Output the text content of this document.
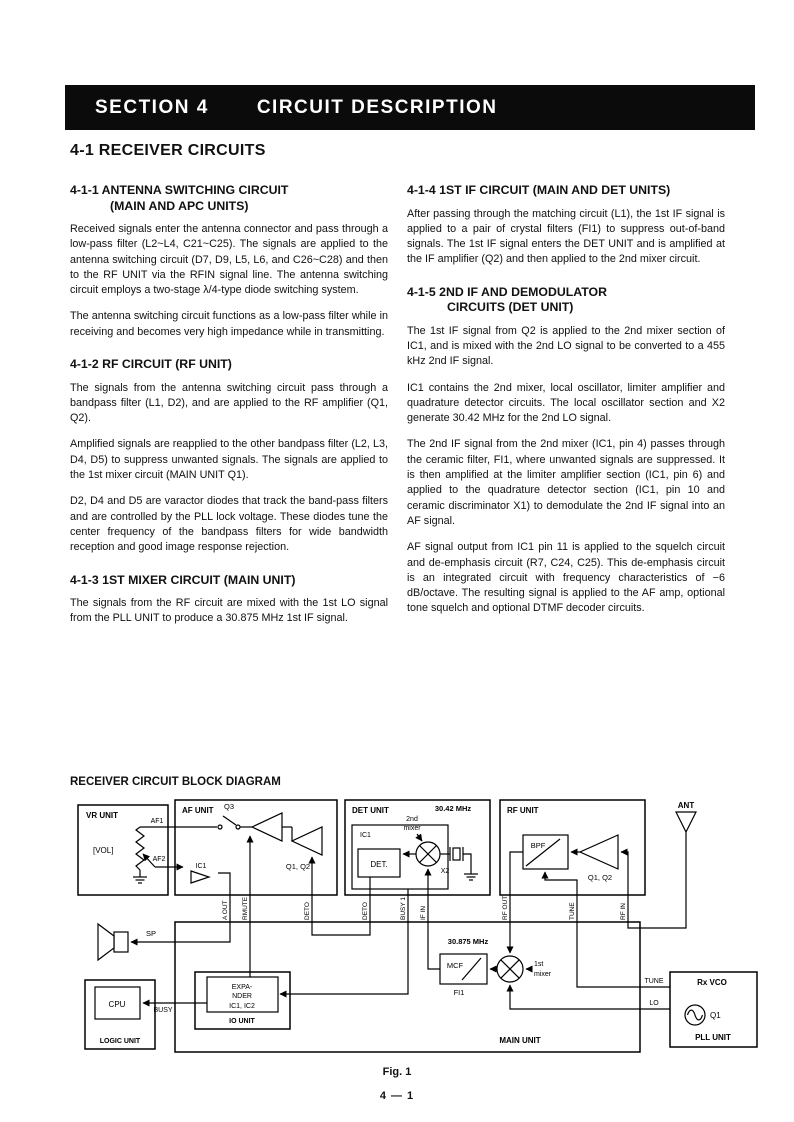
SECTION 4	CIRCUIT DESCRIPTION
4-1 RECEIVER CIRCUITS
4-1-1 ANTENNA SWITCHING CIRCUIT
(MAIN AND APC UNITS)

Received signals enter the antenna connector and pass through a low-pass filter (L2~L4, C21~C25). The signals are applied to the antenna switching circuit (D7, D9, L5, L6, and C26~C28) and then to the RF UNIT via the RFIN signal line. The antenna switching circuit employs a two-stage λ/4-type diode switching system.

The antenna switching circuit functions as a low-pass filter while in receiving and becomes very high impedance while in transmitting.

4-1-2 RF CIRCUIT (RF UNIT)

The signals from the antenna switching circuit pass through a bandpass filter (L1, D2), and are applied to the RF amplifier (Q1, Q2).

Amplified signals are reapplied to the other bandpass filter (L2, L3, D4, D5) to suppress unwanted signals. The signals are applied to the 1st mixer circuit (MAIN UNIT Q1).

D2, D4 and D5 are varactor diodes that track the band-pass filters and are controlled by the PLL lock voltage. These diodes tune the center frequency of the bandpass filters for wide bandwidth reception and good image response rejection.

4-1-3 1ST MIXER CIRCUIT (MAIN UNIT)

The signals from the RF circuit are mixed with the 1st LO signal from the PLL UNIT to produce a 30.875 MHz 1st IF signal.

4-1-4 1ST IF CIRCUIT (MAIN AND DET UNITS)

After passing through the matching circuit (L1), the 1st IF signal is applied to a pair of crystal filters (FI1) to suppress out-of-band signals. The 1st IF signal enters the DET UNIT and is amplified at the IF amplifier (Q2) and then applied to the 2nd mixer circuit.

4-1-5 2ND IF AND DEMODULATOR
CIRCUITS (DET UNIT)

The 1st IF signal from Q2 is applied to the 2nd mixer section of IC1, and is mixed with the 2nd LO signal to be converted to a 455 kHz 2nd IF signal.

IC1 contains the 2nd mixer, local oscillator, limiter amplifier and quadrature detector circuits. The local oscillator section and X2 generate 30.42 MHz for the 2nd LO signal.

The 2nd IF signal from the 2nd mixer (IC1, pin 4) passes through the ceramic filter, FI1, where unwanted signals are suppressed. It is then amplified at the limiter amplifier section (IC1, pin 6) and applied to the quadrature detector section (IC1, pin 10 and ceramic discriminator X1) to demodulate the 2nd IF signal into an AF signal.

AF signal output from IC1 pin 11 is applied to the squelch circuit and de-emphasis circuit (R7, C24, C25). This de-emphasis circuit is an integrated circuit with frequency characteristics of −6 dB/octave. The resulting signal is applied to the AF amp, optional tone squelch and optional DTMF decoder circuits.

RECEIVER CIRCUIT BLOCK DIAGRAM
VR UNIT
AF UNIT	DET UNIT	RF UNIT
MAIN UNIT
LOGIC UNIT
IO UNIT
PLL UNIT
Rx VCO
[VOL]
AF1
AF2
Q3
Q1, Q2
IC1
IC1
DET.
2nd
mixer
X2
30.42 MHz
BPF
Q1, Q2
ANT
SP
CPU
BUSY
EXPA-
NDER
IC1, IC2
30.875 MHz
MCF
FI1
1st
mixer
TUNE
LO
Q1
A OUT RMUTE	DETO	DETO	BUSY 1 IF IN	RF OUT	TUNE	RF IN
Fig. 1
4 — 1
